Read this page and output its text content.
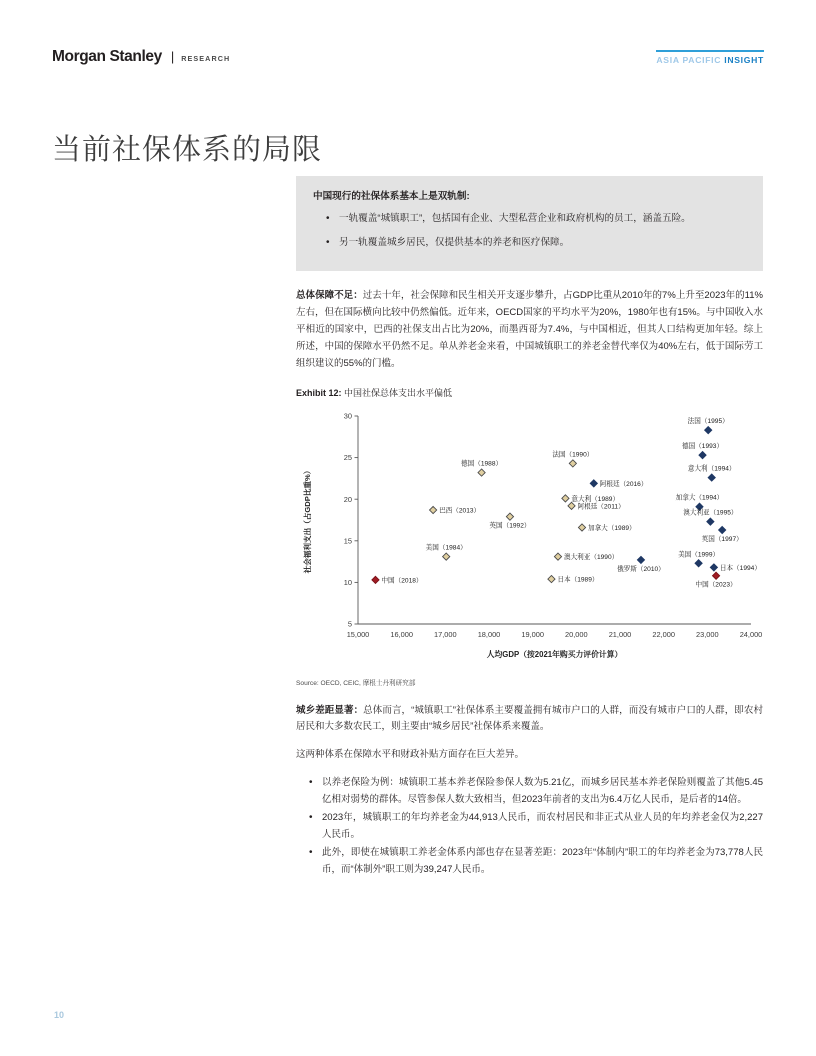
Morgan Stanley | RESEARCH	ASIA PACIFIC INSIGHT
当前社保体系的局限
中国现行的社保体系基本上是双轨制:
• 一轨覆盖“城镇职工”，包括国有企业、大型私营企业和政府机构的员工，涵盖五险。
• 另一轨覆盖城乡居民，仅提供基本的养老和医疗保障。

总体保障不足：过去十年，社会保障和民生相关开支逐步攀升，占GDP比重从2010年的7%上升至2023年的11% 左右，但在国际横向比较中仍然偏低。近年来，OECD国家的平均水平为20%，1980年也有15%。与中国收入水平相近的国家中，巴西的社保支出占比为20%，而墨西哥为7.4%，与中国相近，但其人口结构更加年轻。综上所述，中国的保障水平仍然不足。单从养老金来看，中国城镇职工的养老金替代率仅为40%左右，低于国际劳工组织建议的55%的门槛。

Exhibit 12: 中国社保总体支出水平偏低
5
10
15
20
25
30
15,000	16,000	17,000	18,000	19,000	20,000	21,000	22,000	23,000	24,000
社会福利支出（占GDP比重%）
人均GDP（按2021年购买力评价计算）
巴西（2013）
德国（1988）
美国（1984）
英国（1992）
法国（1990）
意大利（1989）
阿根廷（2011）
澳大利亚（1990）
日本（1989）
加拿大（1989）
阿根廷（2016）
俄罗斯（2010）
法国（1995）
德国（1993）
意大利（1994）
加拿大（1994）
澳大利亚（1995）
英国（1997）
美国（1999）
日本（1994）
中国（2018）
中国（2023）
Source: OECD, CEIC, 摩根士丹利研究部

城乡差距显著：总体而言，“城镇职工”社保体系主要覆盖拥有城市户口的人群，而没有城市户口的人群，即农村居民和大多数农民工，则主要由“城乡居民”社保体系来覆盖。

这两种体系在保障水平和财政补贴方面存在巨大差异。

• 以养老保险为例：城镇职工基本养老保险参保人数为5.21亿，而城乡居民基本养老保险则覆盖了其他5.45亿相对弱势的群体。尽管参保人数大致相当，但2023年前者的支出为6.4万亿人民币，是后者的14倍。
• 2023年，城镇职工的年均养老金为44,913人民币，而农村居民和非正式从业人员的年均养老金仅为2,227人民币。
• 此外，即使在城镇职工养老金体系内部也存在显著差距：2023年“体制内”职工的年均养老金为73,778人民币，而“体制外”职工则为39,247人民币。
10
